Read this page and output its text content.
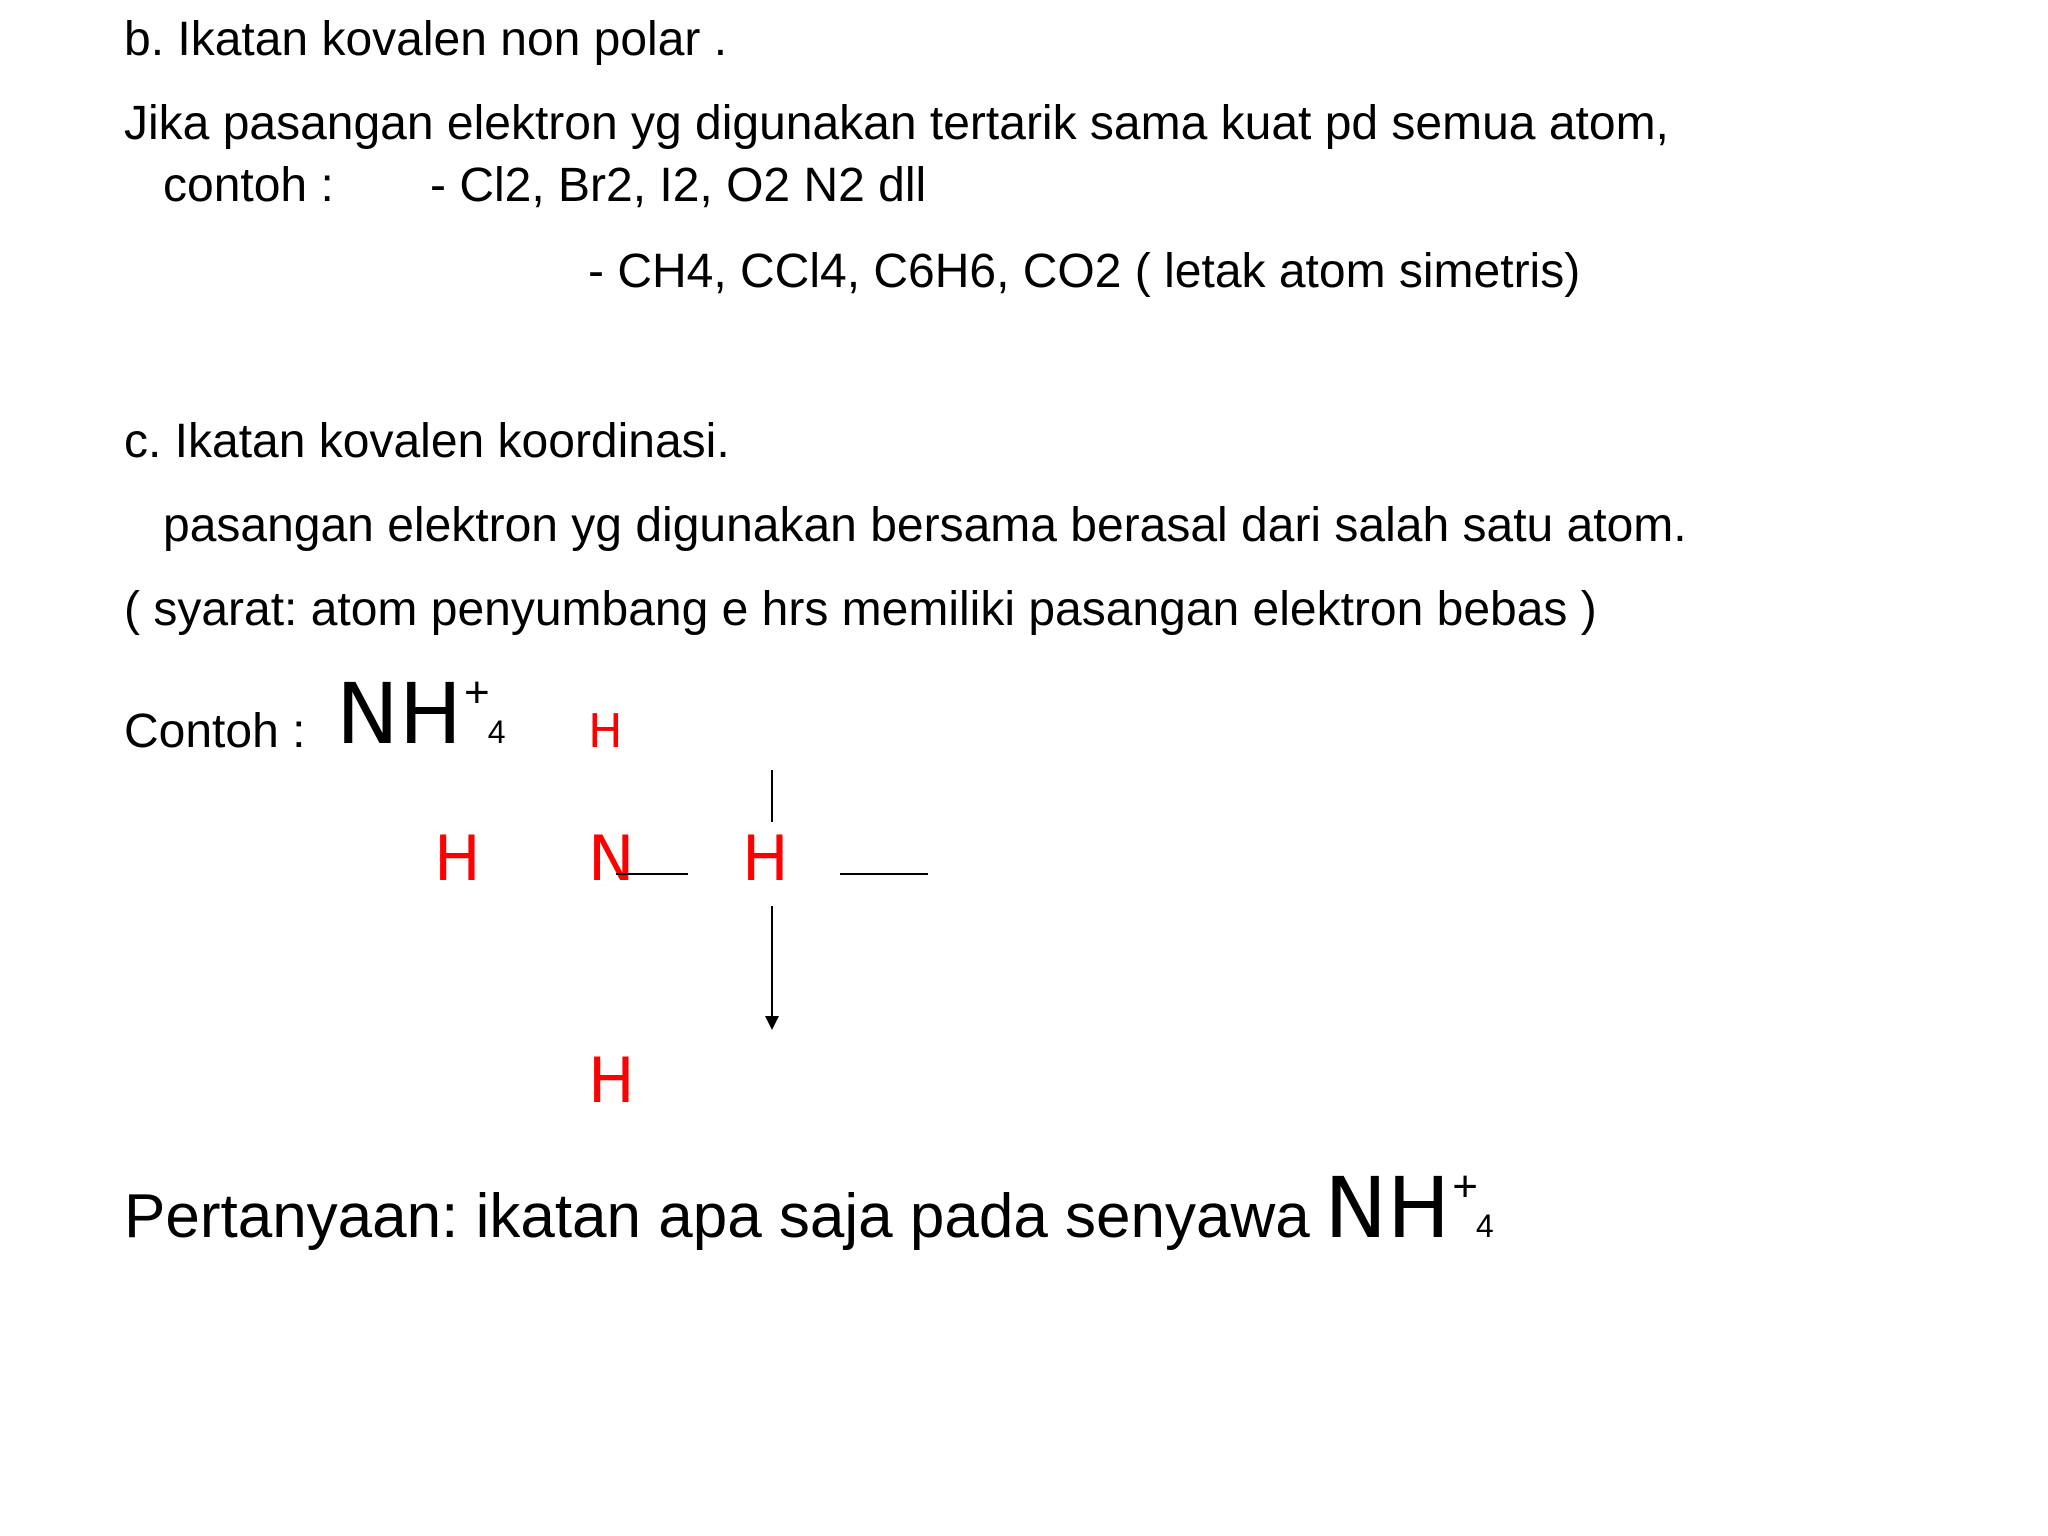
b. Ikatan kovalen non polar .
Jika pasangan elektron yg digunakan tertarik sama kuat pd semua atom,
contoh : - Cl2, Br2, I2, O2 N2 dll
- CH4, CCl4, C6H6, CO2 ( letak atom simetris)
c. Ikatan kovalen koordinasi.
pasangan elektron yg digunakan bersama berasal dari salah satu atom.
( syarat: atom penyumbang e hrs memiliki pasangan elektron bebas )
Contoh : NH+4 H
H N H
H
Pertanyaan: ikatan apa saja pada senyawa NH+4
